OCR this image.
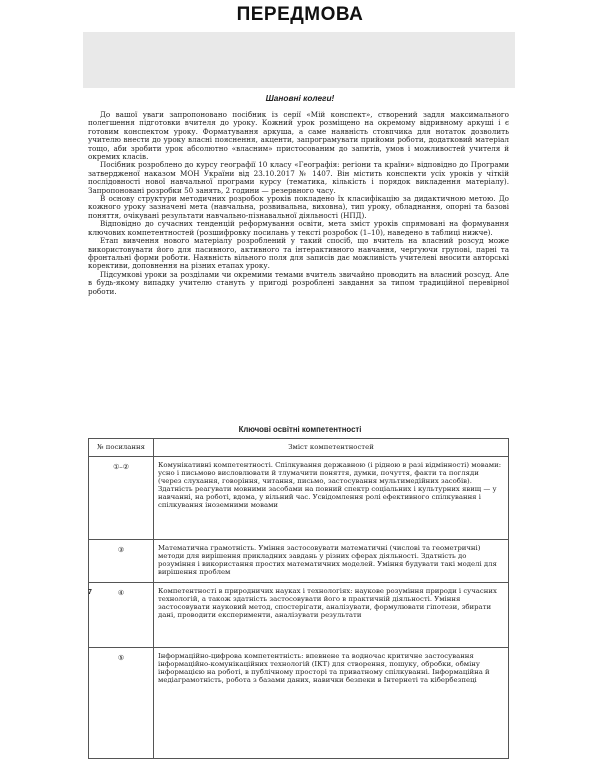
ПЕРЕДМОВА
Шановні колеги!

До вашої уваги запропоновано посібник із серії «Мій конспект», створений задля максимального полегшення підготовки вчителя до уроку. Кожний урок розміщено на окремому відривному аркуші і є готовим конспектом уроку. Форматування аркуша, а саме наявність стовпчика для нотаток дозволить учителю внести до уроку власні пояснення, акценти, запрограмувати прийоми роботи, додатковий матеріал тощо, аби зробити урок абсолютно «власним» пристосованим до запитів, умов і можливостей учителя й окремих класів.

Посібник розроблено до курсу географії 10 класу «Географія: регіони та країни» відповідно до Програми затвердженої наказом МОН України від 23.10.2017 № 1407. Він містить конспекти усіх уроків у чіткій послідовності нової навчальної програми курсу (тематика, кількість і порядок викладення матеріалу). Запропоновані розробки 50 занять, 2 години — резервного часу.

В основу структури методичних розробок уроків покладено їх класифікацію за дидактичною метою. До кожного уроку зазначені мета (навчальна, розвивальна, виховна), тип уроку, обладнання, опорні та базові поняття, очікувані результати навчально-пізнавальної діяльності (НПД).

Відповідно до сучасних тенденцій реформування освіти, мета зміст уроків спрямовані на формування ключових компетентностей (розшифровку посилань у тексті розробок (1–10), наведено в таблиці нижче).

Етап вивчення нового матеріалу розроблений у такий спосіб, що вчитель на власний розсуд може використовувати його для пасивного, активного та інтерактивного навчання, чергуючи групові, парні та фронтальні форми роботи. Наявність вільного поля для записів дає можливість учителеві вносити авторські корективи, доповнення на різних етапах уроку.

Підсумкові уроки за розділами чи окремими темами вчитель звичайно проводить на власний розсуд. Але в будь-якому випадку учителю стануть у пригоді розроблені завдання за типом традиційної перевірної роботи.

Ключові освітні компетентності
№ посилання	Зміст компетентностей
①–②	Комунікативні компетентності. Спілкування державною (і рідною в разі відмінності) мовами: усно і письмово висловлювати й тлумачити поняття, думки, почуття, факти та погляди (через слухання, говоріння, читання, письмо, застосування мультимедійних засобів). Здатність реагувати мовними засобами на повний спектр соціальних і культурних явищ — у навчанні, на роботі, вдома, у вільний час. Усвідомлення ролі ефективного спілкування і спілкування іноземними мовами
③	Математична грамотність. Уміння застосовувати математичні (числові та геометричні) методи для вирішення прикладних завдань у різних сферах діяльності. Здатність до розуміння і використання простих математичних моделей. Уміння будувати такі моделі для вирішення проблем
④	Компетентності в природничих науках і технологіях: наукове розуміння природи і сучасних технологій, а також здатність застосовувати його в практичній діяльності. Уміння застосовувати науковий метод, спостерігати, аналізувати, формулювати гіпотези, збирати дані, проводити експерименти, аналізувати результати
⑤	Інформаційно-цифрова компетентність: впевнене та водночас критичне застосування інформаційно-комунікаційних технологій (ІКТ) для створення, пошуку, обробки, обміну інформацією на роботі, в публічному просторі та приватному спілкуванні. Інформаційна й медіаграмотність, робота з базами даних, навички безпеки в Інтернеті та кібербезпеці
7
